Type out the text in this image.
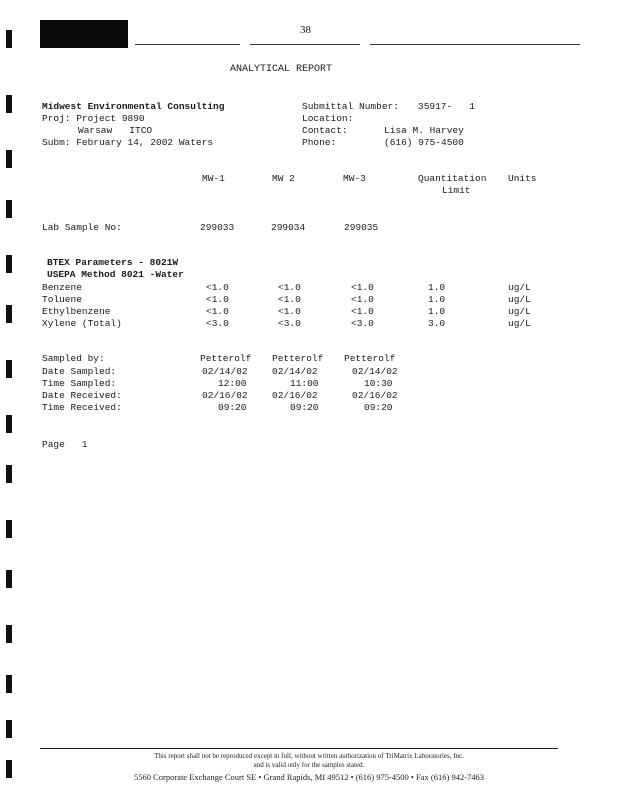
38
ANALYTICAL REPORT
Midwest Environmental Consulting
Proj: Project 9890
Warsaw   ITCO
Subm: February 14, 2002 Waters
Submittal Number: 35917-   1
Location:
Contact:	Lisa M. Harvey
Phone:	(616) 975-4500
MW-1	MW 2	MW-3	Quantitation
Limit
Units
Lab Sample No:	299033	299034	299035
BTEX Parameters - 8021W
USEPA Method 8021 -Water
Benzene	<1.0	<1.0	<1.0	1.0	ug/L
Toluene	<1.0	<1.0	<1.0	1.0	ug/L
Ethylbenzene	<1.0	<1.0	<1.0	1.0	ug/L
Xylene (Total)	<3.0	<3.0	<3.0	3.0	ug/L
Sampled by:	Petterolf Petterolf Petterolf
Date Sampled:	02/14/02	02/14/02	02/14/02
Time Sampled:	12:00	11:00	10:30
Date Received:	02/16/02	02/16/02	02/16/02
Time Received:	09:20	09:20	09:20
Page   1
This report shall not be reproduced except in full, without written authorization of TriMatrix Laboratories, Inc.
and is valid only for the samples stated.
5560 Corporate Exchange Court SE • Grand Rapids, MI 49512 • (616) 975-4500 • Fax (616) 942-7463
